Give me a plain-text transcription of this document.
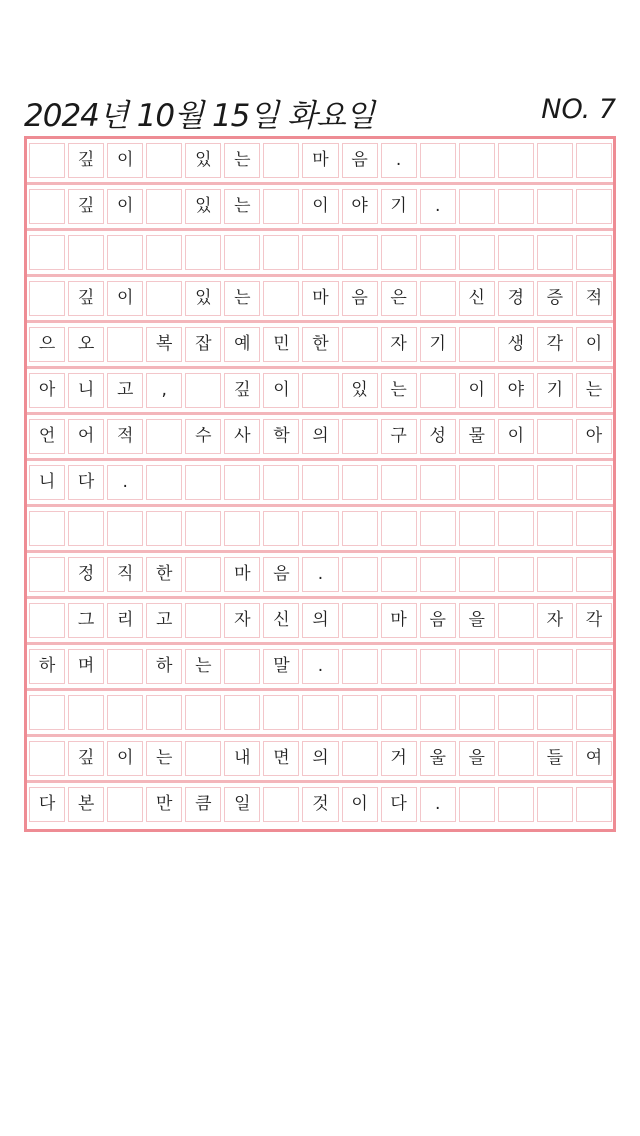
2024년 10월 15일 화요일	NO. 7
깊	이	있	는	마	음	.
깊	이	있	는	이	야	기	.
깊	이	있	는	마	음	은	신	경	증	적
으	오	복	잡	예	민	한	자	기	생	각	이
아	니	고	,	깊	이	있	는	이	야	기	는
언	어	적	수	사	학	의	구	성	물	이	아
니	다	.
정	직	한	마	음	.
그	리	고	자	신	의	마	음	을	자	각
하	며	하	는	말	.
깊	이	는	내	면	의	거	울	을	들	여
다	본	만	큼	일	것	이	다	.
